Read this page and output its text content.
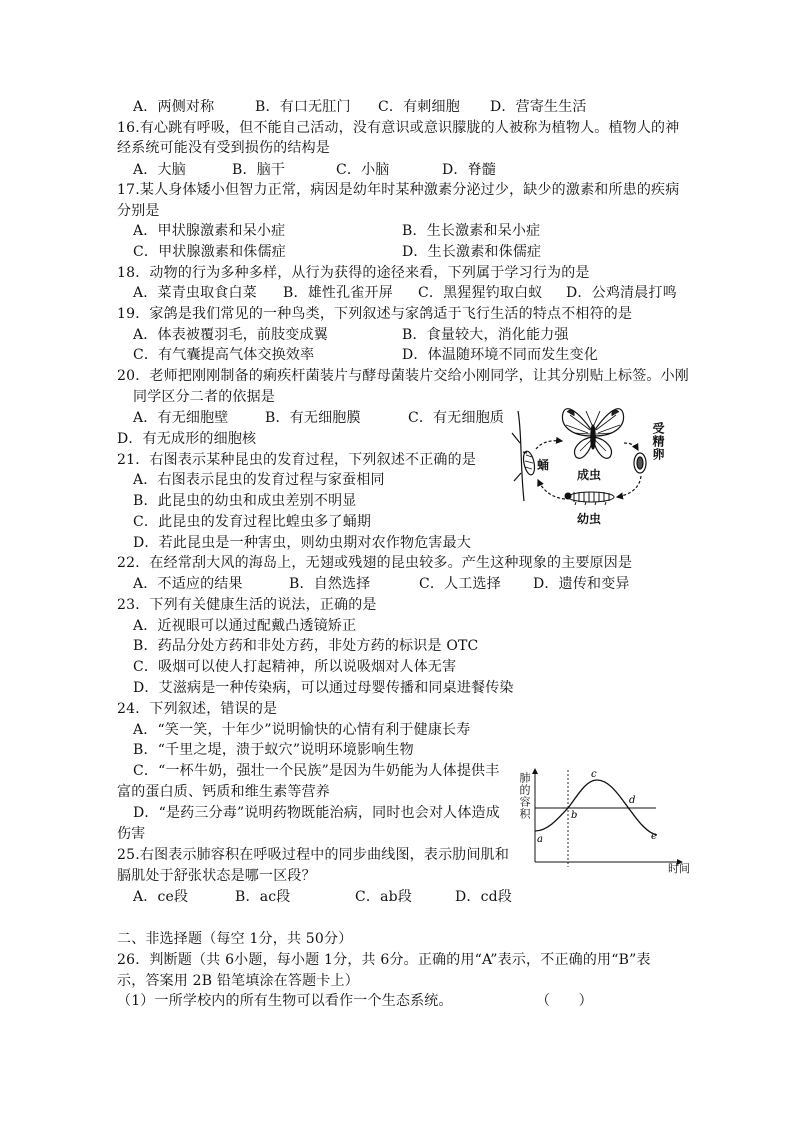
A．两侧对称	B．有口无肛门 C．有刺细胞 D．营寄生生活
16.有心跳有呼吸，但不能自己活动，没有意识或意识朦胧的人被称为植物人。植物人的神
经系统可能没有受到损伤的结构是
A．大脑	B．脑干	C．小脑	D．脊髓
17.某人身体矮小但智力正常，病因是幼年时某种激素分泌过少，缺少的激素和所患的疾病
分别是
A．甲状腺激素和呆小症	B．生长激素和呆小症
C．甲状腺激素和侏儒症	D．生长激素和侏儒症
18．动物的行为多种多样，从行为获得的途径来看，下列属于学习行为的是
A．菜青虫取食白菜 B．雄性孔雀开屏 C．黑猩猩钓取白蚁 D．公鸡清晨打鸣
19．家鸽是我们常见的一种鸟类，下列叙述与家鸽适于飞行生活的特点不相符的是
A．体表被覆羽毛，前肢变成翼	B．食量较大，消化能力强
C．有气囊提高气体交换效率	D．体温随环境不同而发生变化
20．老师把刚刚制备的痢疾杆菌装片与酵母菌装片交给小刚同学，让其分别贴上标签。小刚
同学区分二者的依据是
A．有无细胞壁	B．有无细胞膜	C．有无细胞质
D．有无成形的细胞核
21．右图表示某种昆虫的发育过程，下列叙述不正确的是
A．右图表示昆虫的发育过程与家蚕相同
B．此昆虫的幼虫和成虫差别不明显
C．此昆虫的发育过程比蝗虫多了蛹期
D．若此昆虫是一种害虫，则幼虫期对农作物危害最大
成虫
受精卵
幼虫
蛹
22．在经常刮大风的海岛上，无翅或残翅的昆虫较多。产生这种现象的主要原因是
A．不适应的结果	B．自然选择	C．人工选择 D．遗传和变异
23．下列有关健康生活的说法，正确的是
A．近视眼可以通过配戴凸透镜矫正
B．药品分处方药和非处方药，非处方药的标识是 OTC
C．吸烟可以使人打起精神，所以说吸烟对人体无害
D．艾滋病是一种传染病，可以通过母婴传播和同桌进餐传染
24．下列叙述，错误的是
A．“笑一笑，十年少”说明愉快的心情有利于健康长寿
B．“千里之堤，溃于蚁穴”说明环境影响生物
C．“一杯牛奶，强壮一个民族”是因为牛奶能为人体提供丰
富的蛋白质、钙质和维生素等营养
D．“是药三分毒”说明药物既能治病，同时也会对人体造成
伤害	a
b
c
d
e
肺的容积
时间
25.右图表示肺容积在呼吸过程中的同步曲线图，表示肋间肌和
膈肌处于舒张状态是哪一区段？
A．ce段	B．ac段	C．ab段	D．cd段
二、非选择题（每空 1分，共 50分）
26．判断题（共 6小题，每小题 1分，共 6分。正确的用“A”表示，不正确的用“B”表
示，答案用 2B 铅笔填涂在答题卡上）
（1）一所学校内的所有生物可以看作一个生态系统。	（　　）
